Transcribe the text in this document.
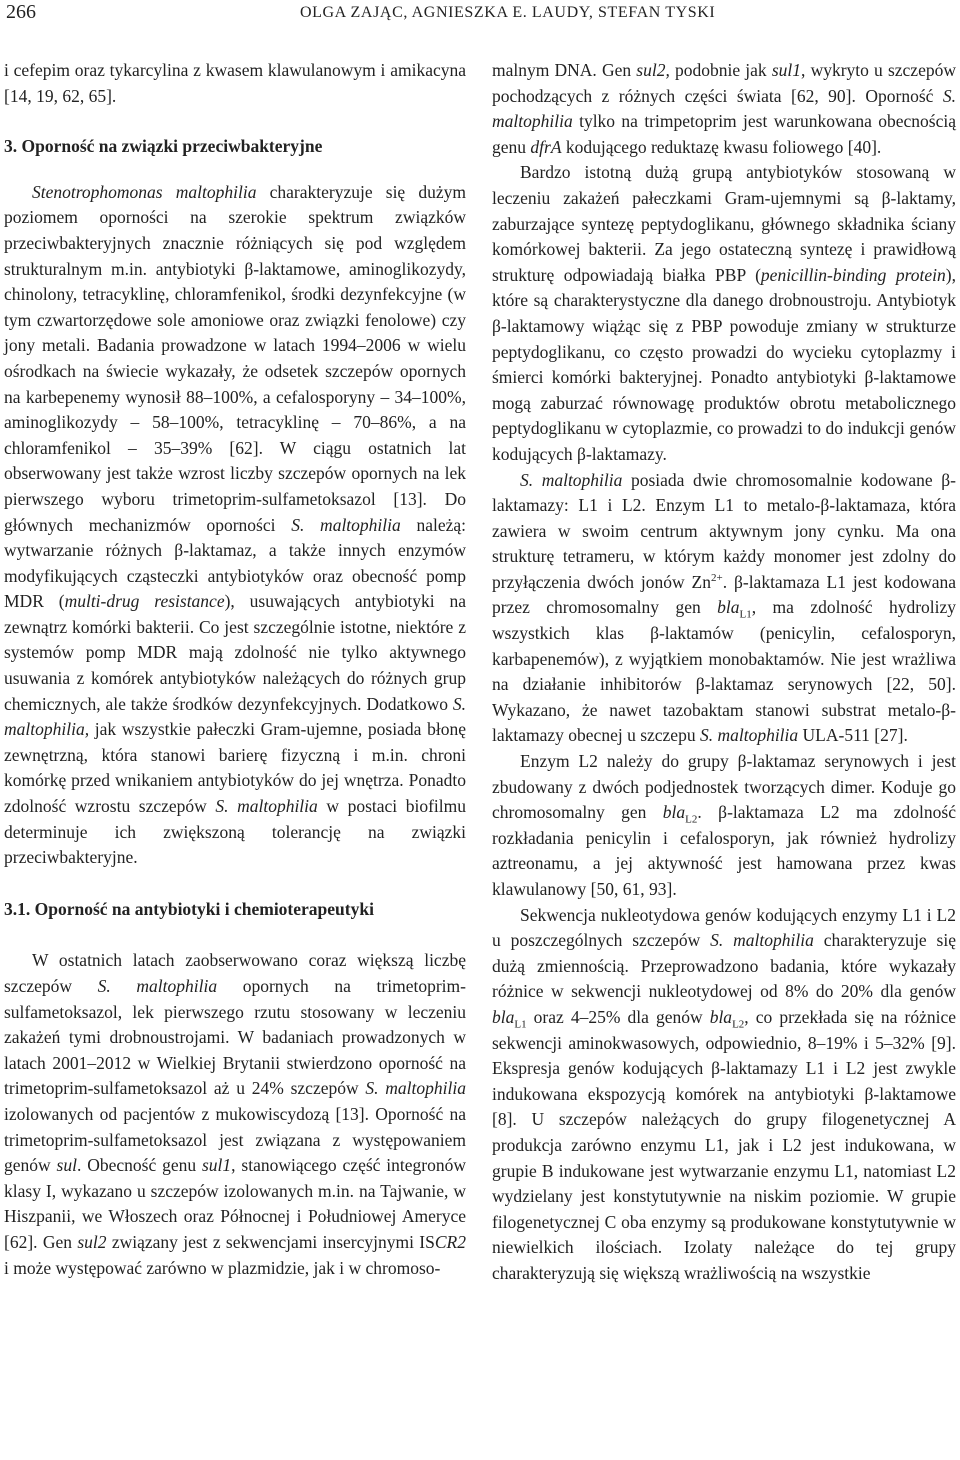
266	OLGA ZAJĄC, AGNIESZKA E. LAUDY, STEFAN TYSKI

i cefepim oraz tykarcylina z kwasem klawulanowym i amikacyna [14, 19, 62, 65].

3. Oporność na związki przeciwbakteryjne

Stenotrophomonas maltophilia charakteryzuje się dużym poziomem oporności na szerokie spektrum związków przeciwbakteryjnych znacznie różniących się pod względem strukturalnym m.in. antybiotyki β-laktamowe, aminoglikozydy, chinolony, tetracyklinę, chloramfenikol, środki dezynfekcyjne (w tym czwartorzędowe sole amoniowe oraz związki fenolowe) czy jony metali. Badania prowadzone w latach 1994–2006 w wielu ośrodkach na świecie wykazały, że odsetek szczepów opornych na karbepenemy wynosił 88–100%, a cefalosporyny – 34–100%, aminoglikozydy – 58–100%, tetracyklinę – 70–86%, a na chloramfenikol – 35–39% [62]. W ciągu ostatnich lat obserwowany jest także wzrost liczby szczepów opornych na lek pierwszego wyboru trimetoprim-sulfametoksazol [13]. Do głównych mechanizmów oporności S. maltophilia należą: wytwarzanie różnych β-laktamaz, a także innych enzymów modyfikujących cząsteczki antybiotyków oraz obecność pomp MDR (multi-drug resistance), usuwających antybiotyki na zewnątrz komórki bakterii. Co jest szczególnie istotne, niektóre z systemów pomp MDR mają zdolność nie tylko aktywnego usuwania z komórek antybiotyków należących do różnych grup chemicznych, ale także środków dezynfekcyjnych. Dodatkowo S. maltophilia, jak wszystkie pałeczki Gram-ujemne, posiada błonę zewnętrzną, która stanowi barierę fizyczną i m.in. chroni komórkę przed wnikaniem antybiotyków do jej wnętrza. Ponadto zdolność wzrostu szczepów S. maltophilia w postaci biofilmu determinuje ich zwiększoną tolerancję na związki przeciwbakteryjne.

3.1. Oporność na antybiotyki i chemioterapeutyki

W ostatnich latach zaobserwowano coraz większą liczbę szczepów S. maltophilia opornych na trimetoprim-sulfametoksazol, lek pierwszego rzutu stosowany w leczeniu zakażeń tymi drobnoustrojami. W badaniach prowadzonych w latach 2001–2012 w Wielkiej Brytanii stwierdzono oporność na trimetoprim-sulfametoksazol aż u 24% szczepów S. maltophilia izolowanych od pacjentów z mukowiscydozą [13]. Oporność na trimetoprim-sulfametoksazol jest związana z występowaniem genów sul. Obecność genu sul1, stanowiącego część integronów klasy I, wykazano u szczepów izolowanych m.in. na Tajwanie, w Hiszpanii, we Włoszech oraz Północnej i Południowej Ameryce [62]. Gen sul2 związany jest z sekwencjami insercyjnymi ISCR2 i może występować zarówno w plazmidzie, jak i w chromoso-

malnym DNA. Gen sul2, podobnie jak sul1, wykryto u szczepów pochodzących z różnych części świata [62, 90]. Oporność S. maltophilia tylko na trimpetoprim jest warunkowana obecnością genu dfrA kodującego reduktazę kwasu foliowego [40].

Bardzo istotną dużą grupą antybiotyków stosowaną w leczeniu zakażeń pałeczkami Gram-ujemnymi są β-laktamy, zaburzające syntezę peptydoglikanu, głównego składnika ściany komórkowej bakterii. Za jego ostateczną syntezę i prawidłową strukturę odpowiadają białka PBP (penicillin-binding protein), które są charakterystyczne dla danego drobnoustroju. Antybiotyk β-laktamowy wiążąc się z PBP powoduje zmiany w strukturze peptydoglikanu, co często prowadzi do wycieku cytoplazmy i śmierci komórki bakteryjnej. Ponadto antybiotyki β-laktamowe mogą zaburzać równowagę produktów obrotu metabolicznego peptydoglikanu w cytoplazmie, co prowadzi to do indukcji genów kodujących β-laktamazy.

S. maltophilia posiada dwie chromosomalnie kodowane β-laktamazy: L1 i L2. Enzym L1 to metalo-β-laktamaza, która zawiera w swoim centrum aktywnym jony cynku. Ma ona strukturę tetrameru, w którym każdy monomer jest zdolny do przyłączenia dwóch jonów $Zn^{2+}$. β-laktamaza L1 jest kodowana przez chromosomalny gen bla$_{L1}$, ma zdolność hydrolizy wszystkich klas β-laktamów (penicylin, cefalosporyn, karbapenemów), z wyjątkiem monobaktamów. Nie jest wrażliwa na działanie inhibitorów β-laktamaz serynowych [22, 50]. Wykazano, że nawet tazobaktam stanowi substrat metalo-β-laktamazy obecnej u szczepu S. maltophilia ULA-511 [27].

Enzym L2 należy do grupy β-laktamaz serynowych i jest zbudowany z dwóch podjednostek tworzących dimer. Koduje go chromosomalny gen bla$_{L2}$. β-laktamaza L2 ma zdolność rozkładania penicylin i cefalosporyn, jak również hydrolizy aztreonamu, a jej aktywność jest hamowana przez kwas klawulanowy [50, 61, 93].

Sekwencja nukleotydowa genów kodujących enzymy L1 i L2 u poszczególnych szczepów S. maltophilia charakteryzuje się dużą zmiennością. Przeprowadzono badania, które wykazały różnice w sekwencji nukleotydowej od 8% do 20% dla genów bla$_{L1}$ oraz 4–25% dla genów bla$_{L2}$, co przekłada się na różnice sekwencji aminokwasowych, odpowiednio, 8–19% i 5–32% [9]. Ekspresja genów kodujących β-laktamazy L1 i L2 jest zwykle indukowana ekspozycją komórek na antybiotyki β-laktamowe [8]. U szczepów należących do grupy filogenetycznej A produkcja zarówno enzymu L1, jak i L2 jest indukowana, w grupie B indukowane jest wytwarzanie enzymu L1, natomiast L2 wydzielany jest konstytutywnie na niskim poziomie. W grupie filogenetycznej C oba enzymy są produkowane konstytutywnie w niewielkich ilościach. Izolaty należące do tej grupy charakteryzują się większą wrażliwością na wszystkie
